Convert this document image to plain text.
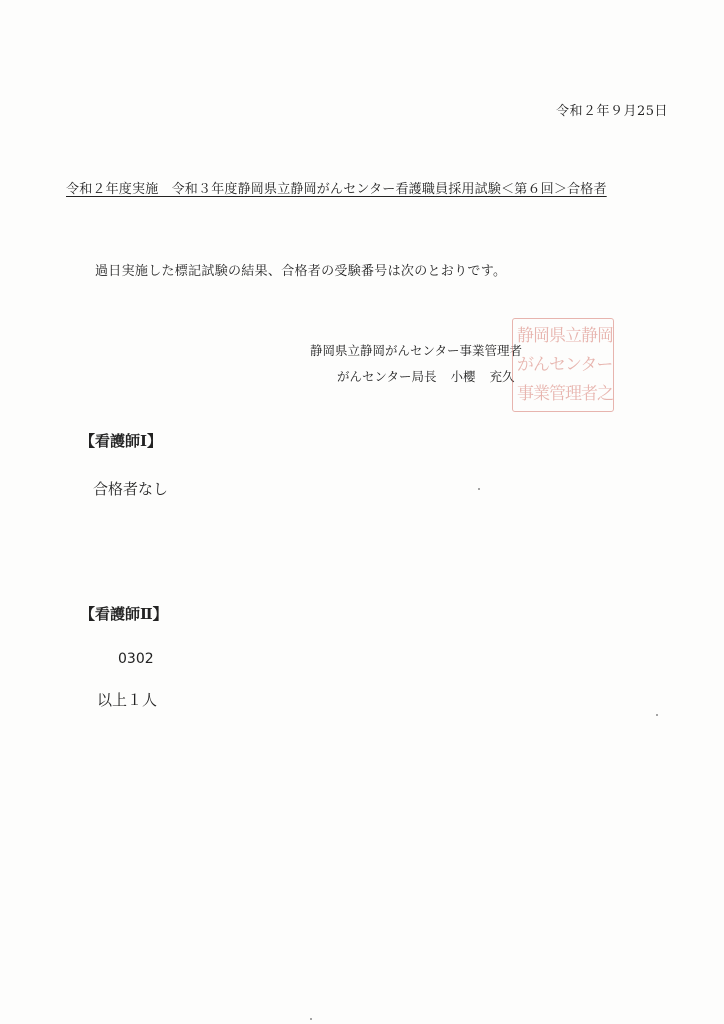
令和２年９月25日
令和２年度実施　令和３年度静岡県立静岡がんセンター看護職員採用試験＜第６回＞合格者
過日実施した標記試験の結果、合格者の受験番号は次のとおりです。
静岡県立静岡がんセンター事業管理者
がんセンター局長 小櫻 充久
静岡県立静岡
がんセンター
事業管理者之
【看護師Ⅰ】
合格者なし
【看護師Ⅱ】
0302
以上１人
